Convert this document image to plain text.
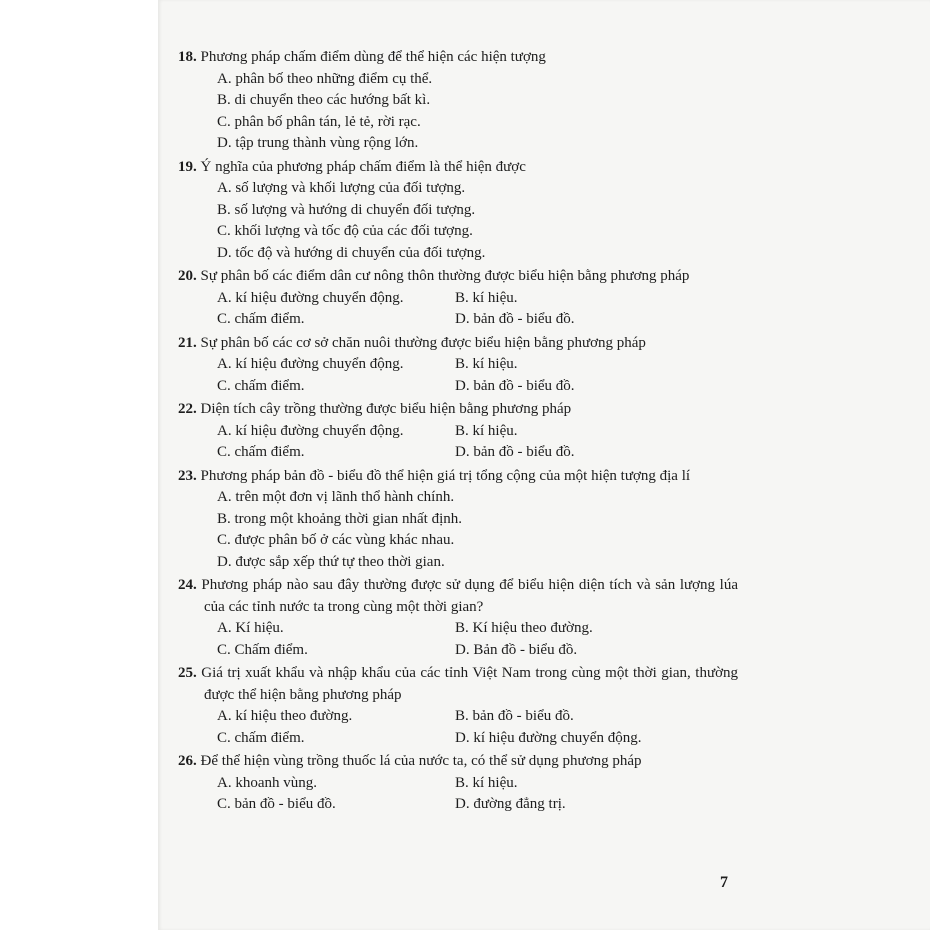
18. Phương pháp chấm điểm dùng để thể hiện các hiện tượng
A. phân bố theo những điểm cụ thể.
B. di chuyển theo các hướng bất kì.
C. phân bố phân tán, lẻ tẻ, rời rạc.
D. tập trung thành vùng rộng lớn.
19. Ý nghĩa của phương pháp chấm điểm là thể hiện được
A. số lượng và khối lượng của đối tượng.
B. số lượng và hướng di chuyển đối tượng.
C. khối lượng và tốc độ của các đối tượng.
D. tốc độ và hướng di chuyển của đối tượng.
20. Sự phân bố các điểm dân cư nông thôn thường được biểu hiện bằng phương pháp
A. kí hiệu đường chuyển động.	B. kí hiệu.
C. chấm điểm.	D. bản đồ - biểu đồ.
21. Sự phân bố các cơ sở chăn nuôi thường được biểu hiện bằng phương pháp
A. kí hiệu đường chuyển động.	B. kí hiệu.
C. chấm điểm.	D. bản đồ - biểu đồ.
22. Diện tích cây trồng thường được biểu hiện bằng phương pháp
A. kí hiệu đường chuyển động.	B. kí hiệu.
C. chấm điểm.	D. bản đồ - biểu đồ.
23. Phương pháp bản đồ - biểu đồ thể hiện giá trị tổng cộng của một hiện tượng địa lí
A. trên một đơn vị lãnh thổ hành chính.
B. trong một khoảng thời gian nhất định.
C. được phân bố ở các vùng khác nhau.
D. được sắp xếp thứ tự theo thời gian.
24. Phương pháp nào sau đây thường được sử dụng để biểu hiện diện tích và sản lượng lúa của các tỉnh nước ta trong cùng một thời gian?
A. Kí hiệu.	B. Kí hiệu theo đường.
C. Chấm điểm.	D. Bản đồ - biểu đồ.
25. Giá trị xuất khẩu và nhập khẩu của các tỉnh Việt Nam trong cùng một thời gian, thường được thể hiện bằng phương pháp
A. kí hiệu theo đường.	B. bản đồ - biểu đồ.
C. chấm điểm.	D. kí hiệu đường chuyển động.
26. Để thể hiện vùng trồng thuốc lá của nước ta, có thể sử dụng phương pháp
A. khoanh vùng.	B. kí hiệu.
C. bản đồ - biểu đồ.	D. đường đẳng trị.
7
